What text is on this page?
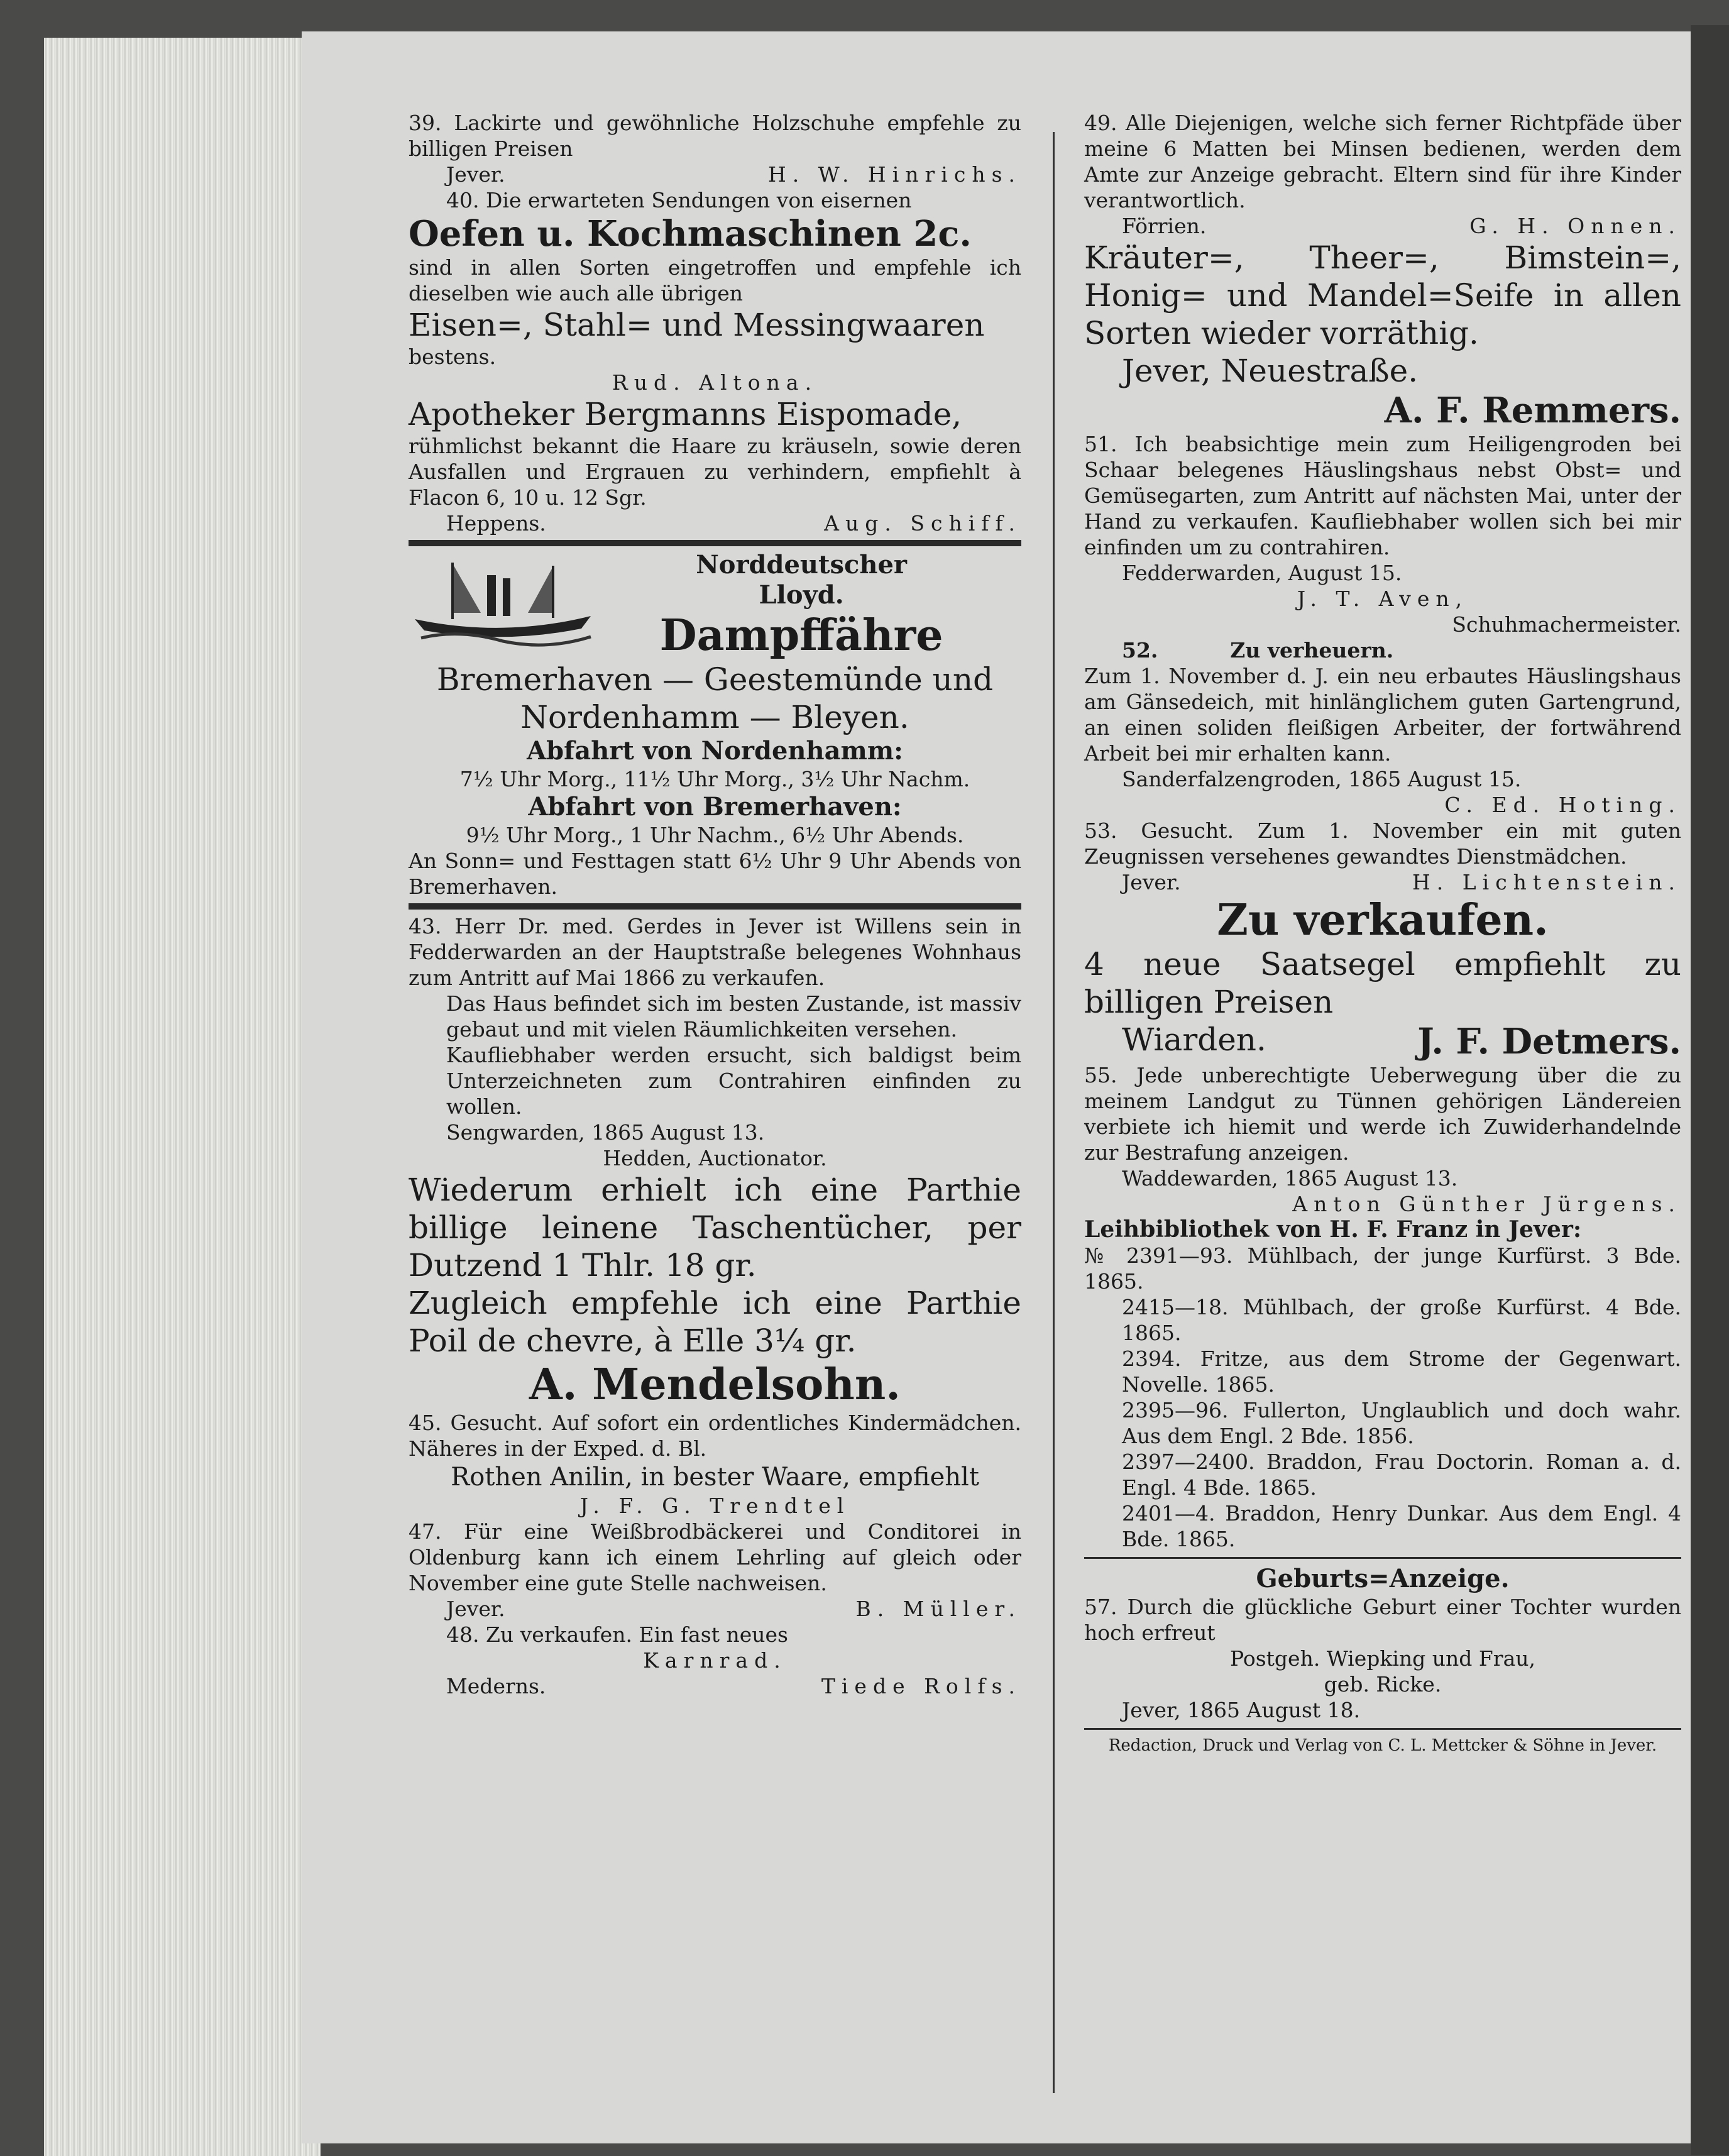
39. Lackirte und gewöhnliche Holzschuhe empfehle zu billigen Preisen

Jever.	H. W. Hinrichs.

40. Die erwarteten Sendungen von eisernen

Oefen u. Kochmaschinen 2c.

sind in allen Sorten eingetroffen und empfehle ich dieselben wie auch alle übrigen

Eisen=, Stahl= und Messingwaaren

bestens.

Rud. Altona.

Apotheker Bergmanns Eispomade,

rühmlichst bekannt die Haare zu kräuseln, sowie deren Ausfallen und Ergrauen zu verhindern, empfiehlt à Flacon 6, 10 u. 12 Sgr.

Heppens.	Aug. Schiff.

Norddeutscher

Lloyd.

Dampffähre

Bremerhaven — Geestemünde und

Nordenhamm — Bleyen.

Abfahrt von Nordenhamm:

7½ Uhr Morg., 11½ Uhr Morg., 3½ Uhr Nachm.

Abfahrt von Bremerhaven:

9½ Uhr Morg., 1 Uhr Nachm., 6½ Uhr Abends.

An Sonn= und Festtagen statt 6½ Uhr 9 Uhr Abends von Bremerhaven.

43. Herr Dr. med. Gerdes in Jever ist Willens sein in Fedderwarden an der Hauptstraße belegenes Wohnhaus zum Antritt auf Mai 1866 zu verkaufen.

Das Haus befindet sich im besten Zustande, ist massiv gebaut und mit vielen Räumlichkeiten versehen.

Kaufliebhaber werden ersucht, sich baldigst beim Unterzeichneten zum Contrahiren einfinden zu wollen.

Sengwarden, 1865 August 13.

Hedden, Auctionator.

Wiederum erhielt ich eine Parthie billige leinene Taschentücher, per Dutzend 1 Thlr. 18 gr.

Zugleich empfehle ich eine Parthie Poil de chevre, à Elle 3¼ gr.

A. Mendelsohn.

45. Gesucht. Auf sofort ein ordentliches Kindermädchen. Näheres in der Exped. d. Bl.

Rothen Anilin, in bester Waare, empfiehlt

J. F. G. Trendtel

47. Für eine Weißbrodbäckerei und Conditorei in Oldenburg kann ich einem Lehrling auf gleich oder November eine gute Stelle nachweisen.

Jever.	B. Müller.

48. Zu verkaufen. Ein fast neues

Karnrad.

Mederns.	Tiede Rolfs.

49. Alle Diejenigen, welche sich ferner Richtpfäde über meine 6 Matten bei Minsen bedienen, werden dem Amte zur Anzeige gebracht. Eltern sind für ihre Kinder verantwortlich.

Förrien.	G. H. Onnen.

Kräuter=, Theer=, Bimstein=, Honig= und Mandel=Seife in allen Sorten wieder vorräthig.

Jever, Neuestraße.

A. F. Remmers.

51. Ich beabsichtige mein zum Heiligengroden bei Schaar belegenes Häuslingshaus nebst Obst= und Gemüsegarten, zum Antritt auf nächsten Mai, unter der Hand zu verkaufen. Kaufliebhaber wollen sich bei mir einfinden um zu contrahiren.

Fedderwarden, August 15.

J. T. Aven,

Schuhmachermeister.

52.          Zu verheuern.

Zum 1. November d. J. ein neu erbautes Häuslingshaus am Gänsedeich, mit hinlänglichem guten Gartengrund, an einen soliden fleißigen Arbeiter, der fortwährend Arbeit bei mir erhalten kann.

Sanderfalzengroden, 1865 August 15.

C. Ed. Hoting.

53. Gesucht. Zum 1. November ein mit guten Zeugnissen versehenes gewandtes Dienstmädchen.

Jever.	H. Lichtenstein.

Zu verkaufen.

4 neue Saatsegel empfiehlt zu billigen Preisen

Wiarden.	J. F. Detmers.

55. Jede unberechtigte Ueberwegung über die zu meinem Landgut zu Tünnen gehörigen Ländereien verbiete ich hiemit und werde ich Zuwiderhandelnde zur Bestrafung anzeigen.

Waddewarden, 1865 August 13.

Anton Günther Jürgens.

Leihbibliothek von H. F. Franz in Jever:

№ 2391—93. Mühlbach, der junge Kurfürst. 3 Bde. 1865.

2415—18. Mühlbach, der große Kurfürst. 4 Bde. 1865.

2394. Fritze, aus dem Strome der Gegenwart. Novelle. 1865.

2395—96. Fullerton, Unglaublich und doch wahr. Aus dem Engl. 2 Bde. 1856.

2397—2400. Braddon, Frau Doctorin. Roman a. d. Engl. 4 Bde. 1865.

2401—4. Braddon, Henry Dunkar. Aus dem Engl. 4 Bde. 1865.

Geburts=Anzeige.

57. Durch die glückliche Geburt einer Tochter wurden hoch erfreut

Postgeh. Wiepking und Frau,

geb. Ricke.

Jever, 1865 August 18.

Redaction, Druck und Verlag von C. L. Mettcker & Söhne in Jever.
